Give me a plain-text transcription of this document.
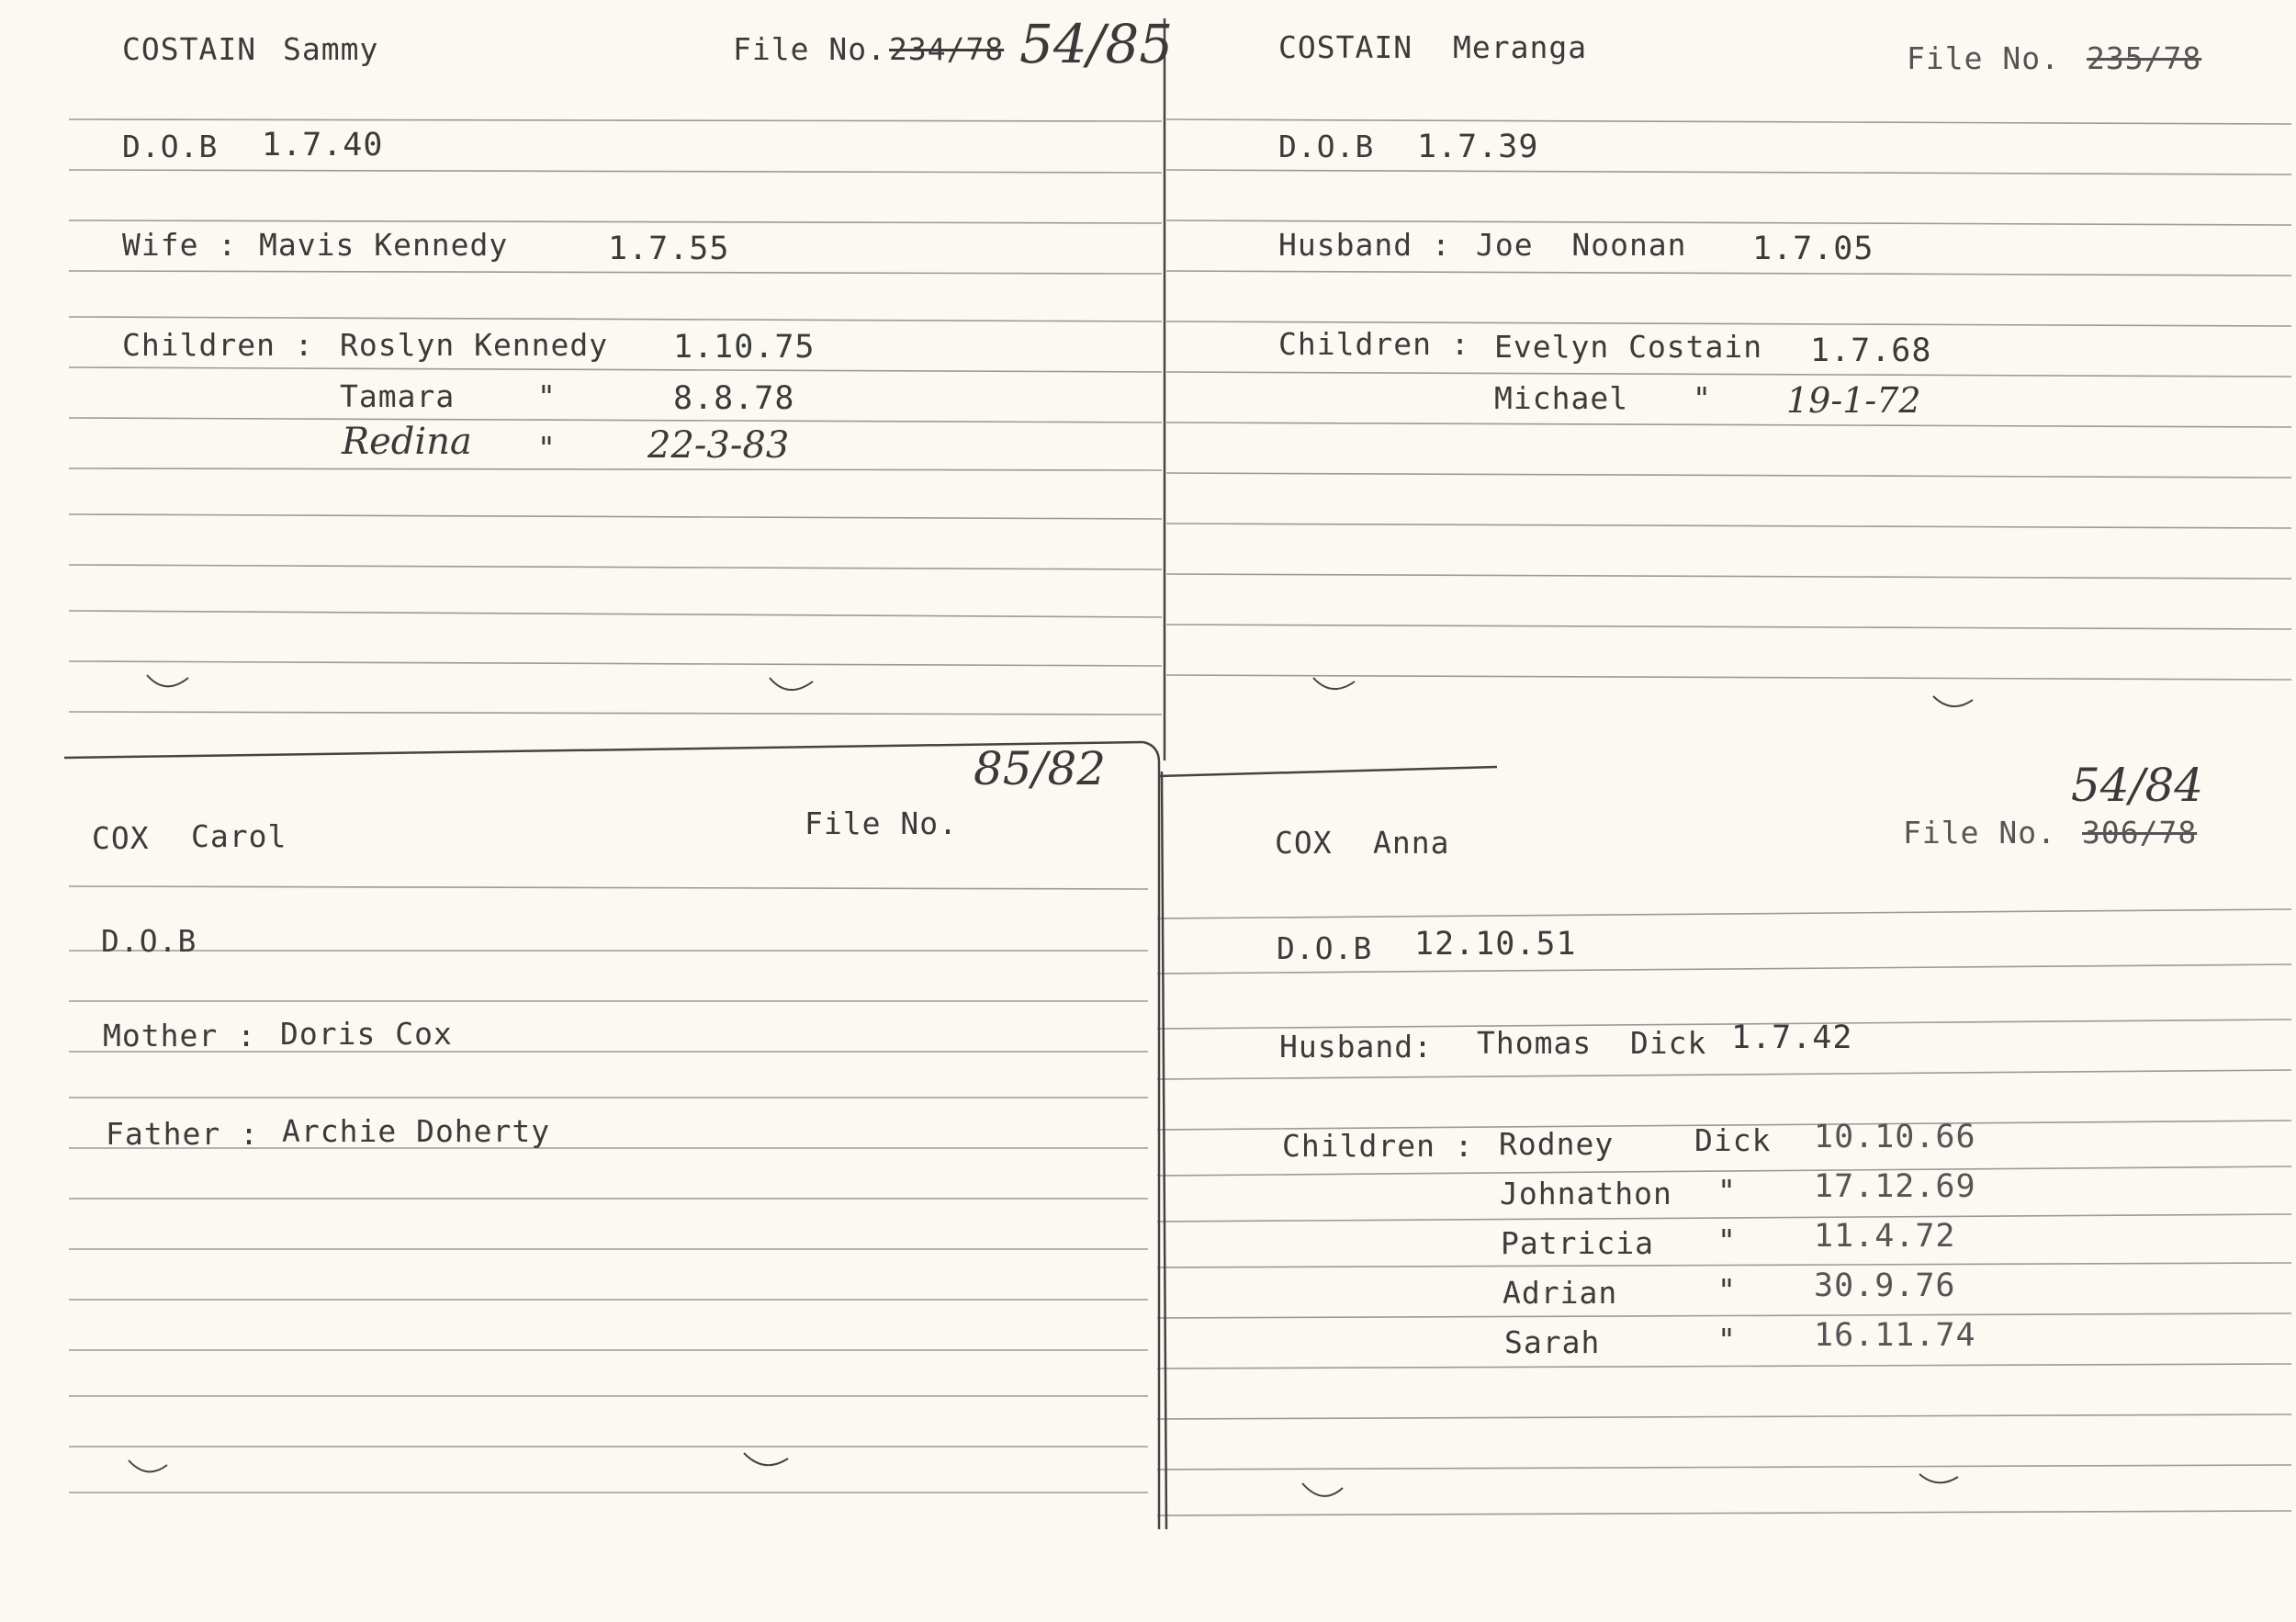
COSTAIN Sammy	File No. 234/78 54/85
D.O.B 1.7.40
Wife : Mavis Kennedy	1.7.55
Children : Roslyn Kennedy 1.10.75
Tamara	"	8.8.78
Redina " 22-3-83
COSTAIN Meranga	File No. 235/78
D.O.B 1.7.39
Husband : Joe  Noonan 1.7.05
Children : Evelyn Costain 1.7.68
Michael " 19-1-72
85/82
COX Carol	File No.
D.O.B
Mother : Doris Cox
Father : Archie Doherty
54/84
File No. 306/78
COX Anna
D.O.B 12.10.51
Husband: Thomas  Dick 1.7.42
Children : Rodney	Dick 10.10.66
Johnathon " 17.12.69
Patricia " 11.4.72
Adrian	" 30.9.76
Sarah	" 16.11.74
